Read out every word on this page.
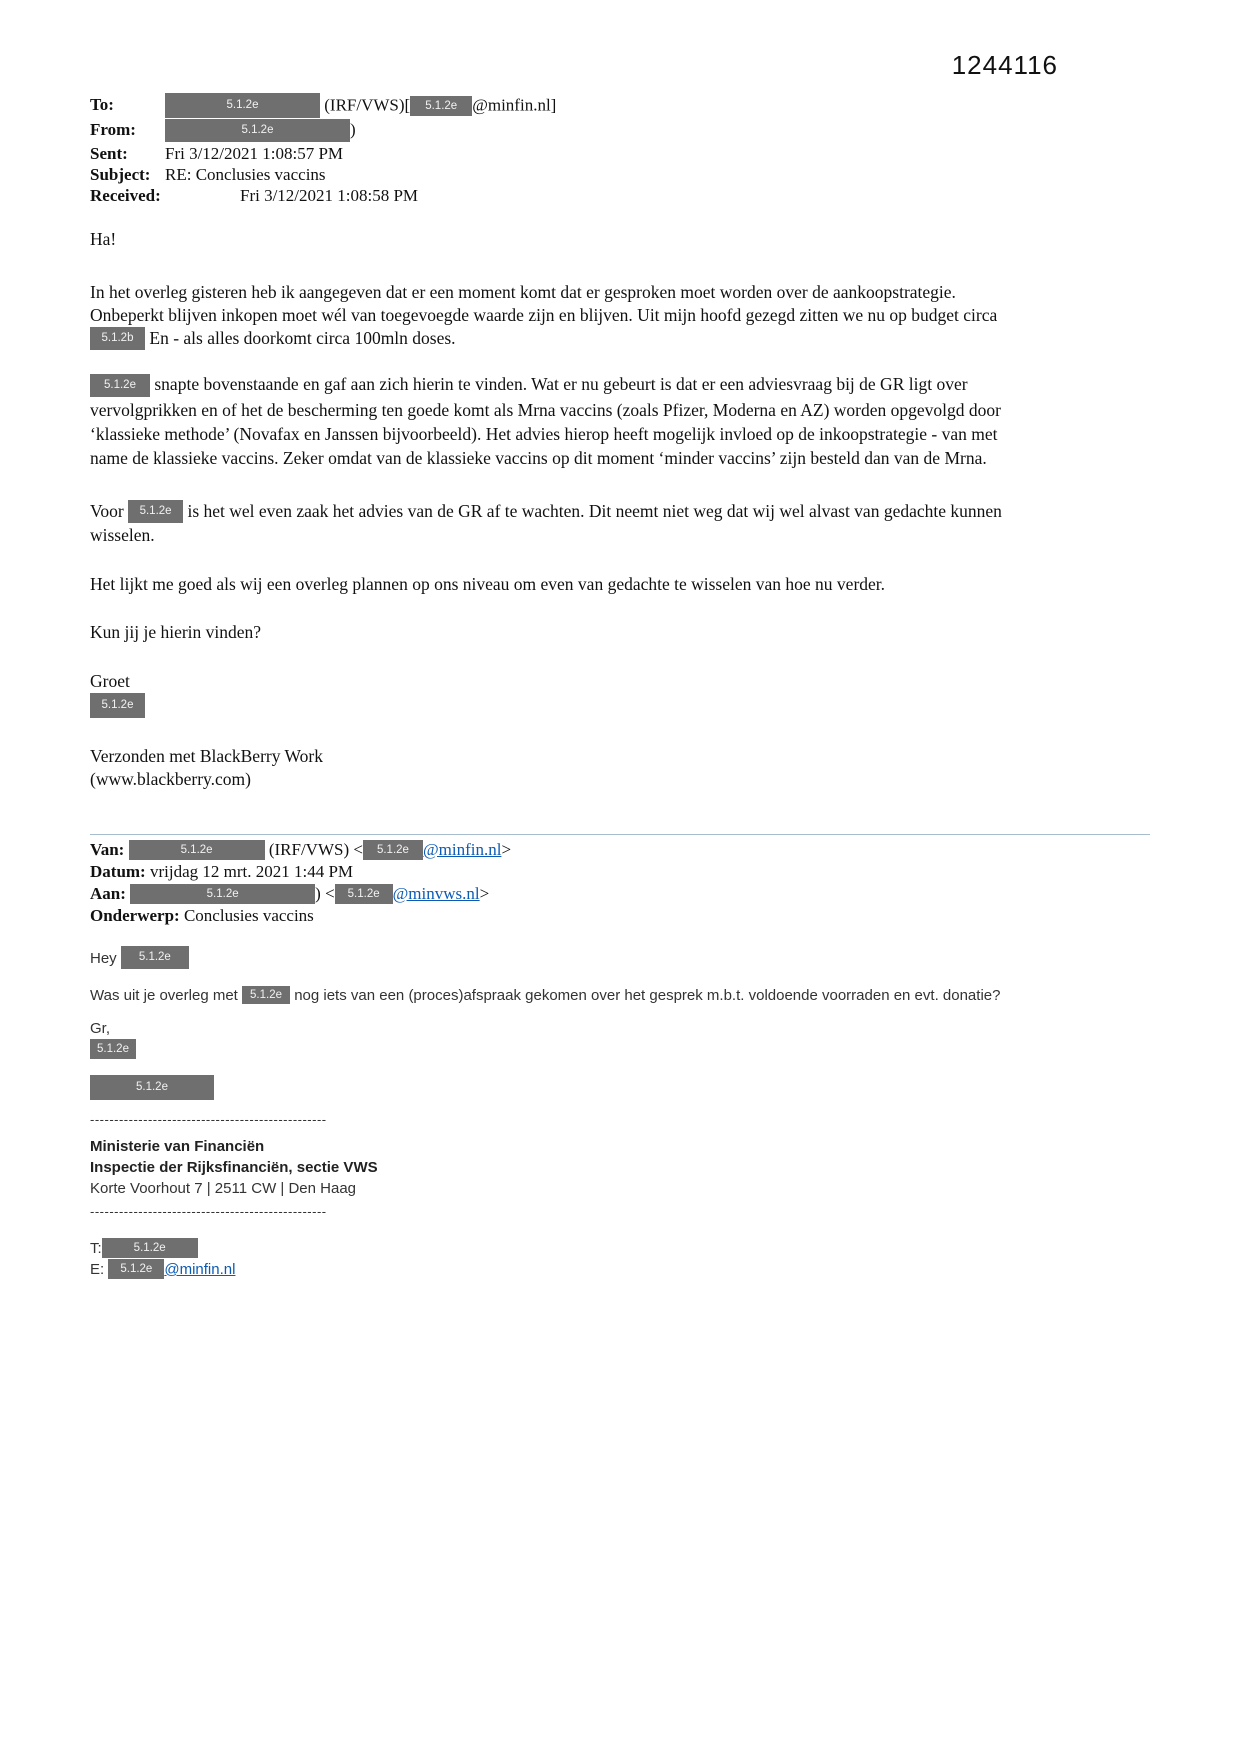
1244116
To:	5.1.2e	(IRF/VWS)[ 5.1.2e @minfin.nl]
From:	5.1.2e	)
Sent:	Fri 3/12/2021 1:08:57 PM
Subject: RE: Conclusies vaccins
Received:	Fri 3/12/2021 1:08:58 PM

Ha!

In het overleg gisteren heb ik aangegeven dat er een moment komt dat er gesproken moet worden over de aankoopstrategie. Onbeperkt blijven inkopen moet wél van toegevoegde waarde zijn en blijven. Uit mijn hoofd gezegd zitten we nu op budget circa 5.1.2b En - als alles doorkomt circa 100mln doses.

5.1.2e snapte bovenstaande en gaf aan zich hierin te vinden. Wat er nu gebeurt is dat er een adviesvraag bij de GR ligt over vervolgprikken en of het de bescherming ten goede komt als Mrna vaccins (zoals Pfizer, Moderna en AZ) worden opgevolgd door ‘klassieke methode’ (Novafax en Janssen bijvoorbeeld). Het advies hierop heeft mogelijk invloed op de inkoopstrategie - van met name de klassieke vaccins. Zeker omdat van de klassieke vaccins op dit moment ‘minder vaccins’ zijn besteld dan van de Mrna.

Voor 5.1.2e is het wel even zaak het advies van de GR af te wachten. Dit neemt niet weg dat wij wel alvast van gedachte kunnen wisselen.

Het lijkt me goed als wij een overleg plannen op ons niveau om even van gedachte te wisselen van hoe nu verder.

Kun jij je hierin vinden?

Groet

5.1.2e

Verzonden met BlackBerry Work

(www.blackberry.com)

Van:	5.1.2e	(IRF/VWS) < 5.1.2e @minfin.nl>
Datum: vrijdag 12 mrt. 2021 1:44 PM
Aan:	5.1.2e	) < 5.1.2e @minvws.nl>
Onderwerp: Conclusies vaccins

Hey 5.1.2e

Was uit je overleg met 5.1.2e nog iets van een (proces)afspraak gekomen over het gesprek m.b.t. voldoende voorraden en evt. donatie?

Gr,

5.1.2e

5.1.2e
-------------------------------------------------
Ministerie van Financiën
Inspectie der Rijksfinanciën, sectie VWS
Korte Voorhout 7 | 2511 CW | Den Haag
-------------------------------------------------
T:	5.1.2e
E: 5.1.2e @minfin.nl
